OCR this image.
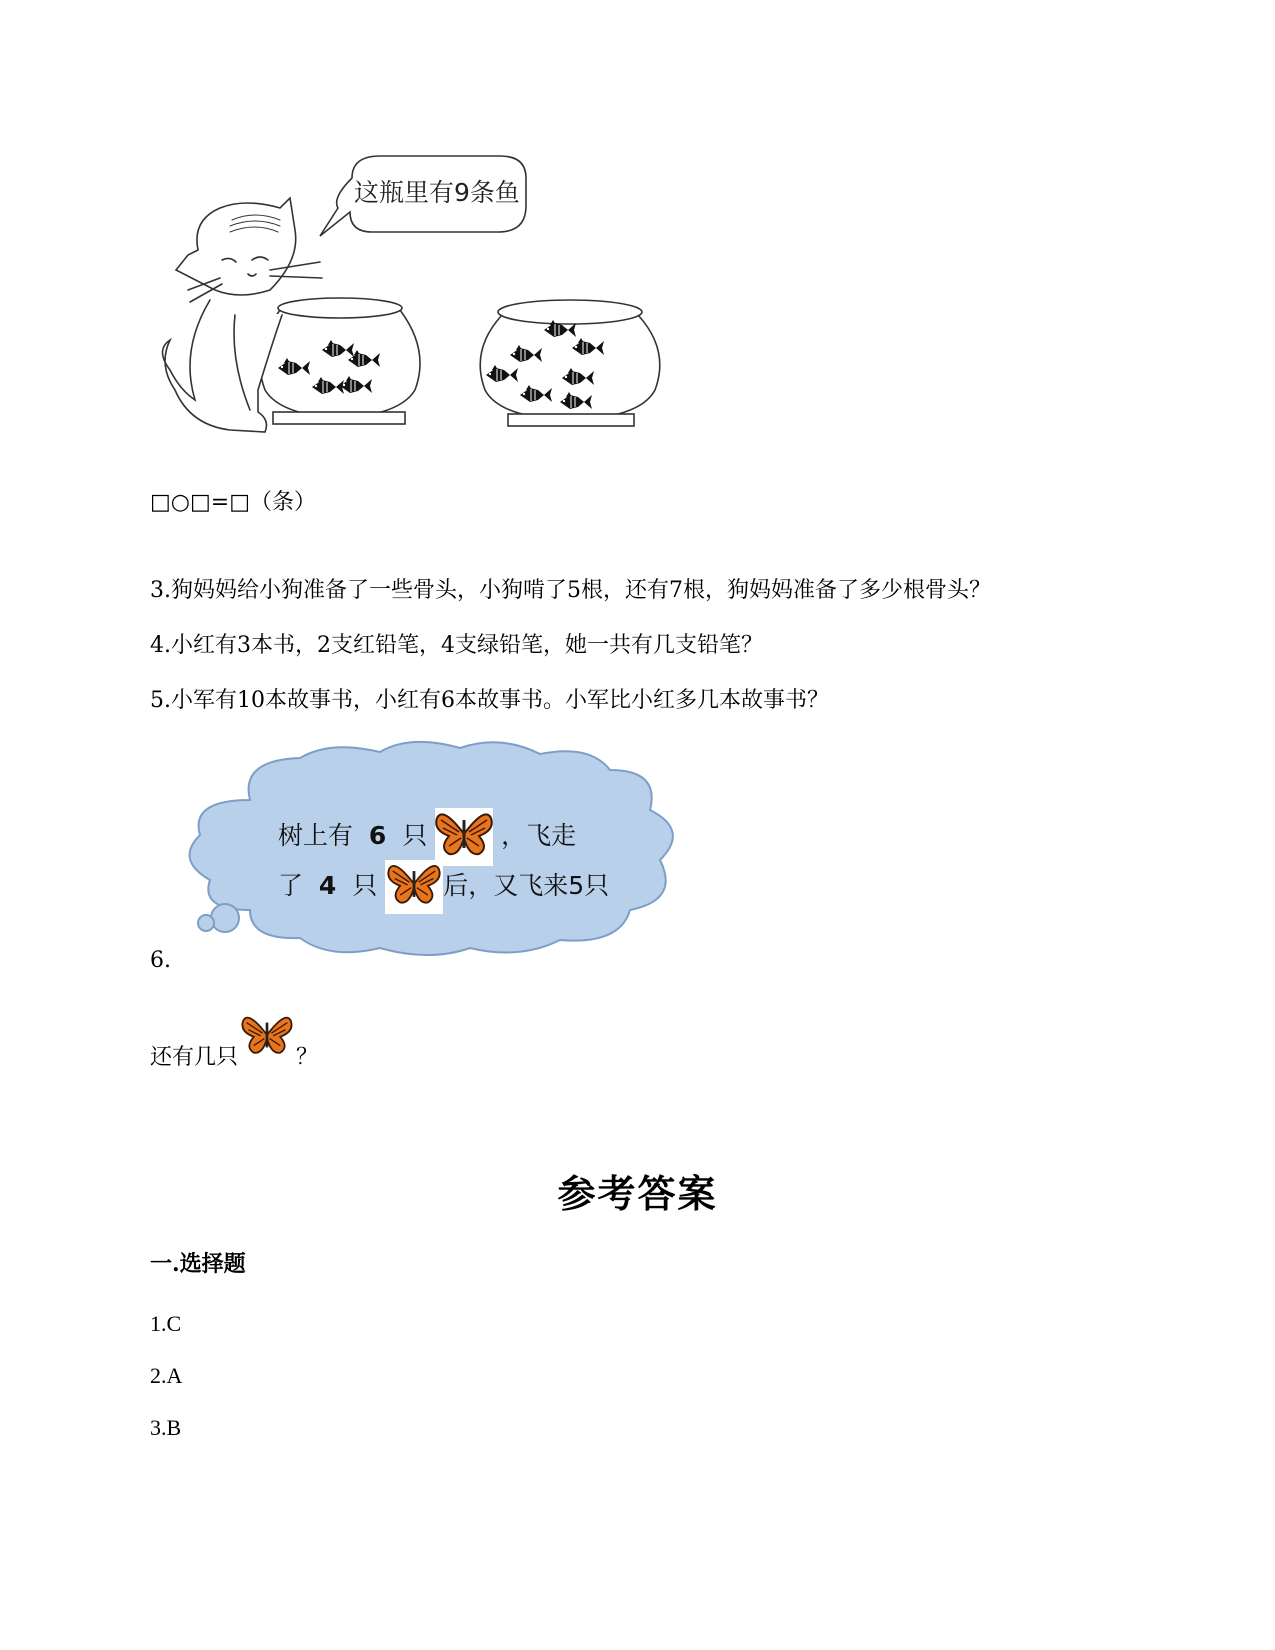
这瓶里有9条鱼
□○□=□（条）
3.狗妈妈给小狗准备了一些骨头，小狗啃了5根，还有7根，狗妈妈准备了多少根骨头？
4.小红有3本书，2支红铅笔，4支绿铅笔，她一共有几支铅笔？
5.小军有10本故事书，小红有6本故事书。小军比小红多几本故事书？
树上有 6 只	，飞走
了 4 只	后，又飞来5只
6.
还有几只	？
参考答案
一.选择题
1.C
2.A
3.B
